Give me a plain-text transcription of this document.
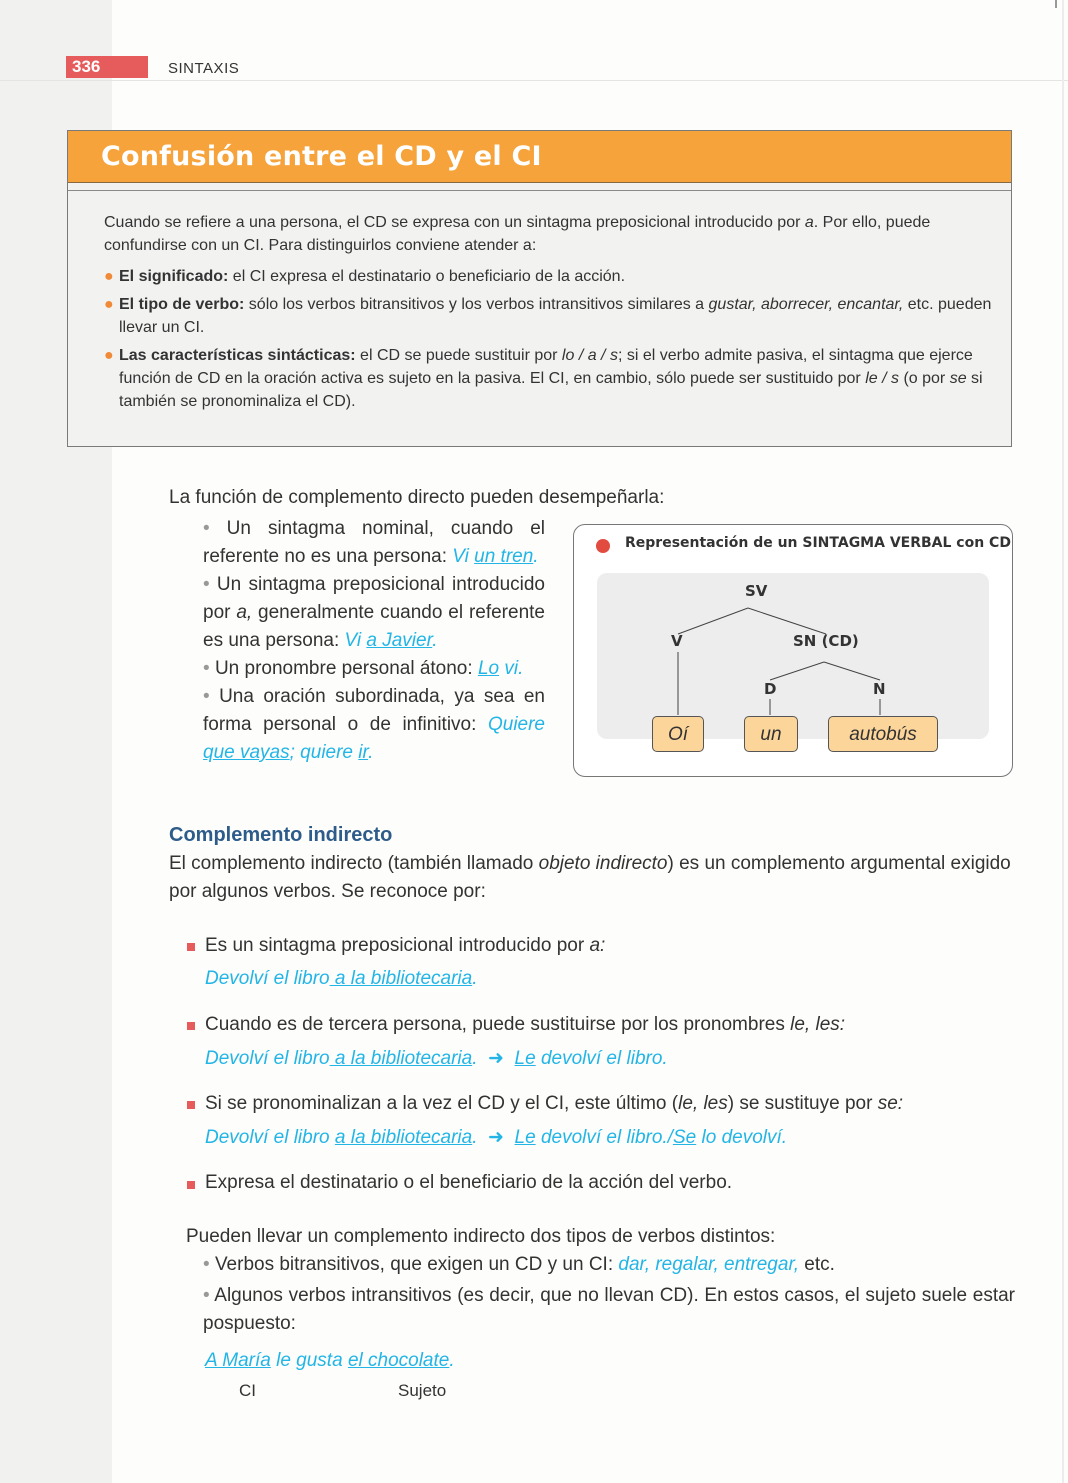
336	SINTAXIS
Confusión entre el CD y el CI

Cuando se refiere a una persona, el CD se expresa con un sintagma preposicional introducido por a. Por ello, puede confundirse con un CI. Para distinguirlos conviene atender a:

● El significado: el CI expresa el destinatario o beneficiario de la acción.
● El tipo de verbo: sólo los verbos bitransitivos y los verbos intransitivos similares a gustar, aborrecer, encantar, etc. pueden llevar un CI.
● Las características sintácticas: el CD se puede sustituir por lo / a / s; si el verbo admite pasiva, el sintagma que ejerce función de CD en la oración activa es sujeto en la pasiva. El CI, en cambio, sólo puede ser sustituido por le / s (o por se si también se pronominaliza el CD).
La función de complemento directo pueden desempeñarla:

• Un sintagma nominal, cuando el referente no es una persona: Vi un tren.

• Un sintagma preposicional introducido por a, generalmente cuando el referente es una persona: Vi a Javier.

• Un pronombre personal átono: Lo vi.

• Una oración subordinada, ya sea en forma personal o de infinitivo: Quiere que vayas; quiere ir.

Representación de un SINTAGMA VERBAL con CD
SV
V	SN (CD)
D	N
Oí	un	autobús
Complemento indirecto
El complemento indirecto (también llamado objeto indirecto) es un complemento argumental exigido por algunos verbos. Se reconoce por:
Es un sintagma preposicional introducido por a:
Devolví el libro a la bibliotecaria.
Cuando es de tercera persona, puede sustituirse por los pronombres le, les:
Devolví el libro a la bibliotecaria. ➜ Le devolví el libro.
Si se pronominalizan a la vez el CD y el CI, este último (le, les) se sustituye por se:
Devolví el libro a la bibliotecaria. ➜ Le devolví el libro./Se lo devolví.
Expresa el destinatario o el beneficiario de la acción del verbo.
Pueden llevar un complemento indirecto dos tipos de verbos distintos:
• Verbos bitransitivos, que exigen un CD y un CI: dar, regalar, entregar, etc.
• Algunos verbos intransitivos (es decir, que no llevan CD). En estos casos, el sujeto suele estar pospuesto:
A María le gusta el chocolate.
CI	Sujeto
